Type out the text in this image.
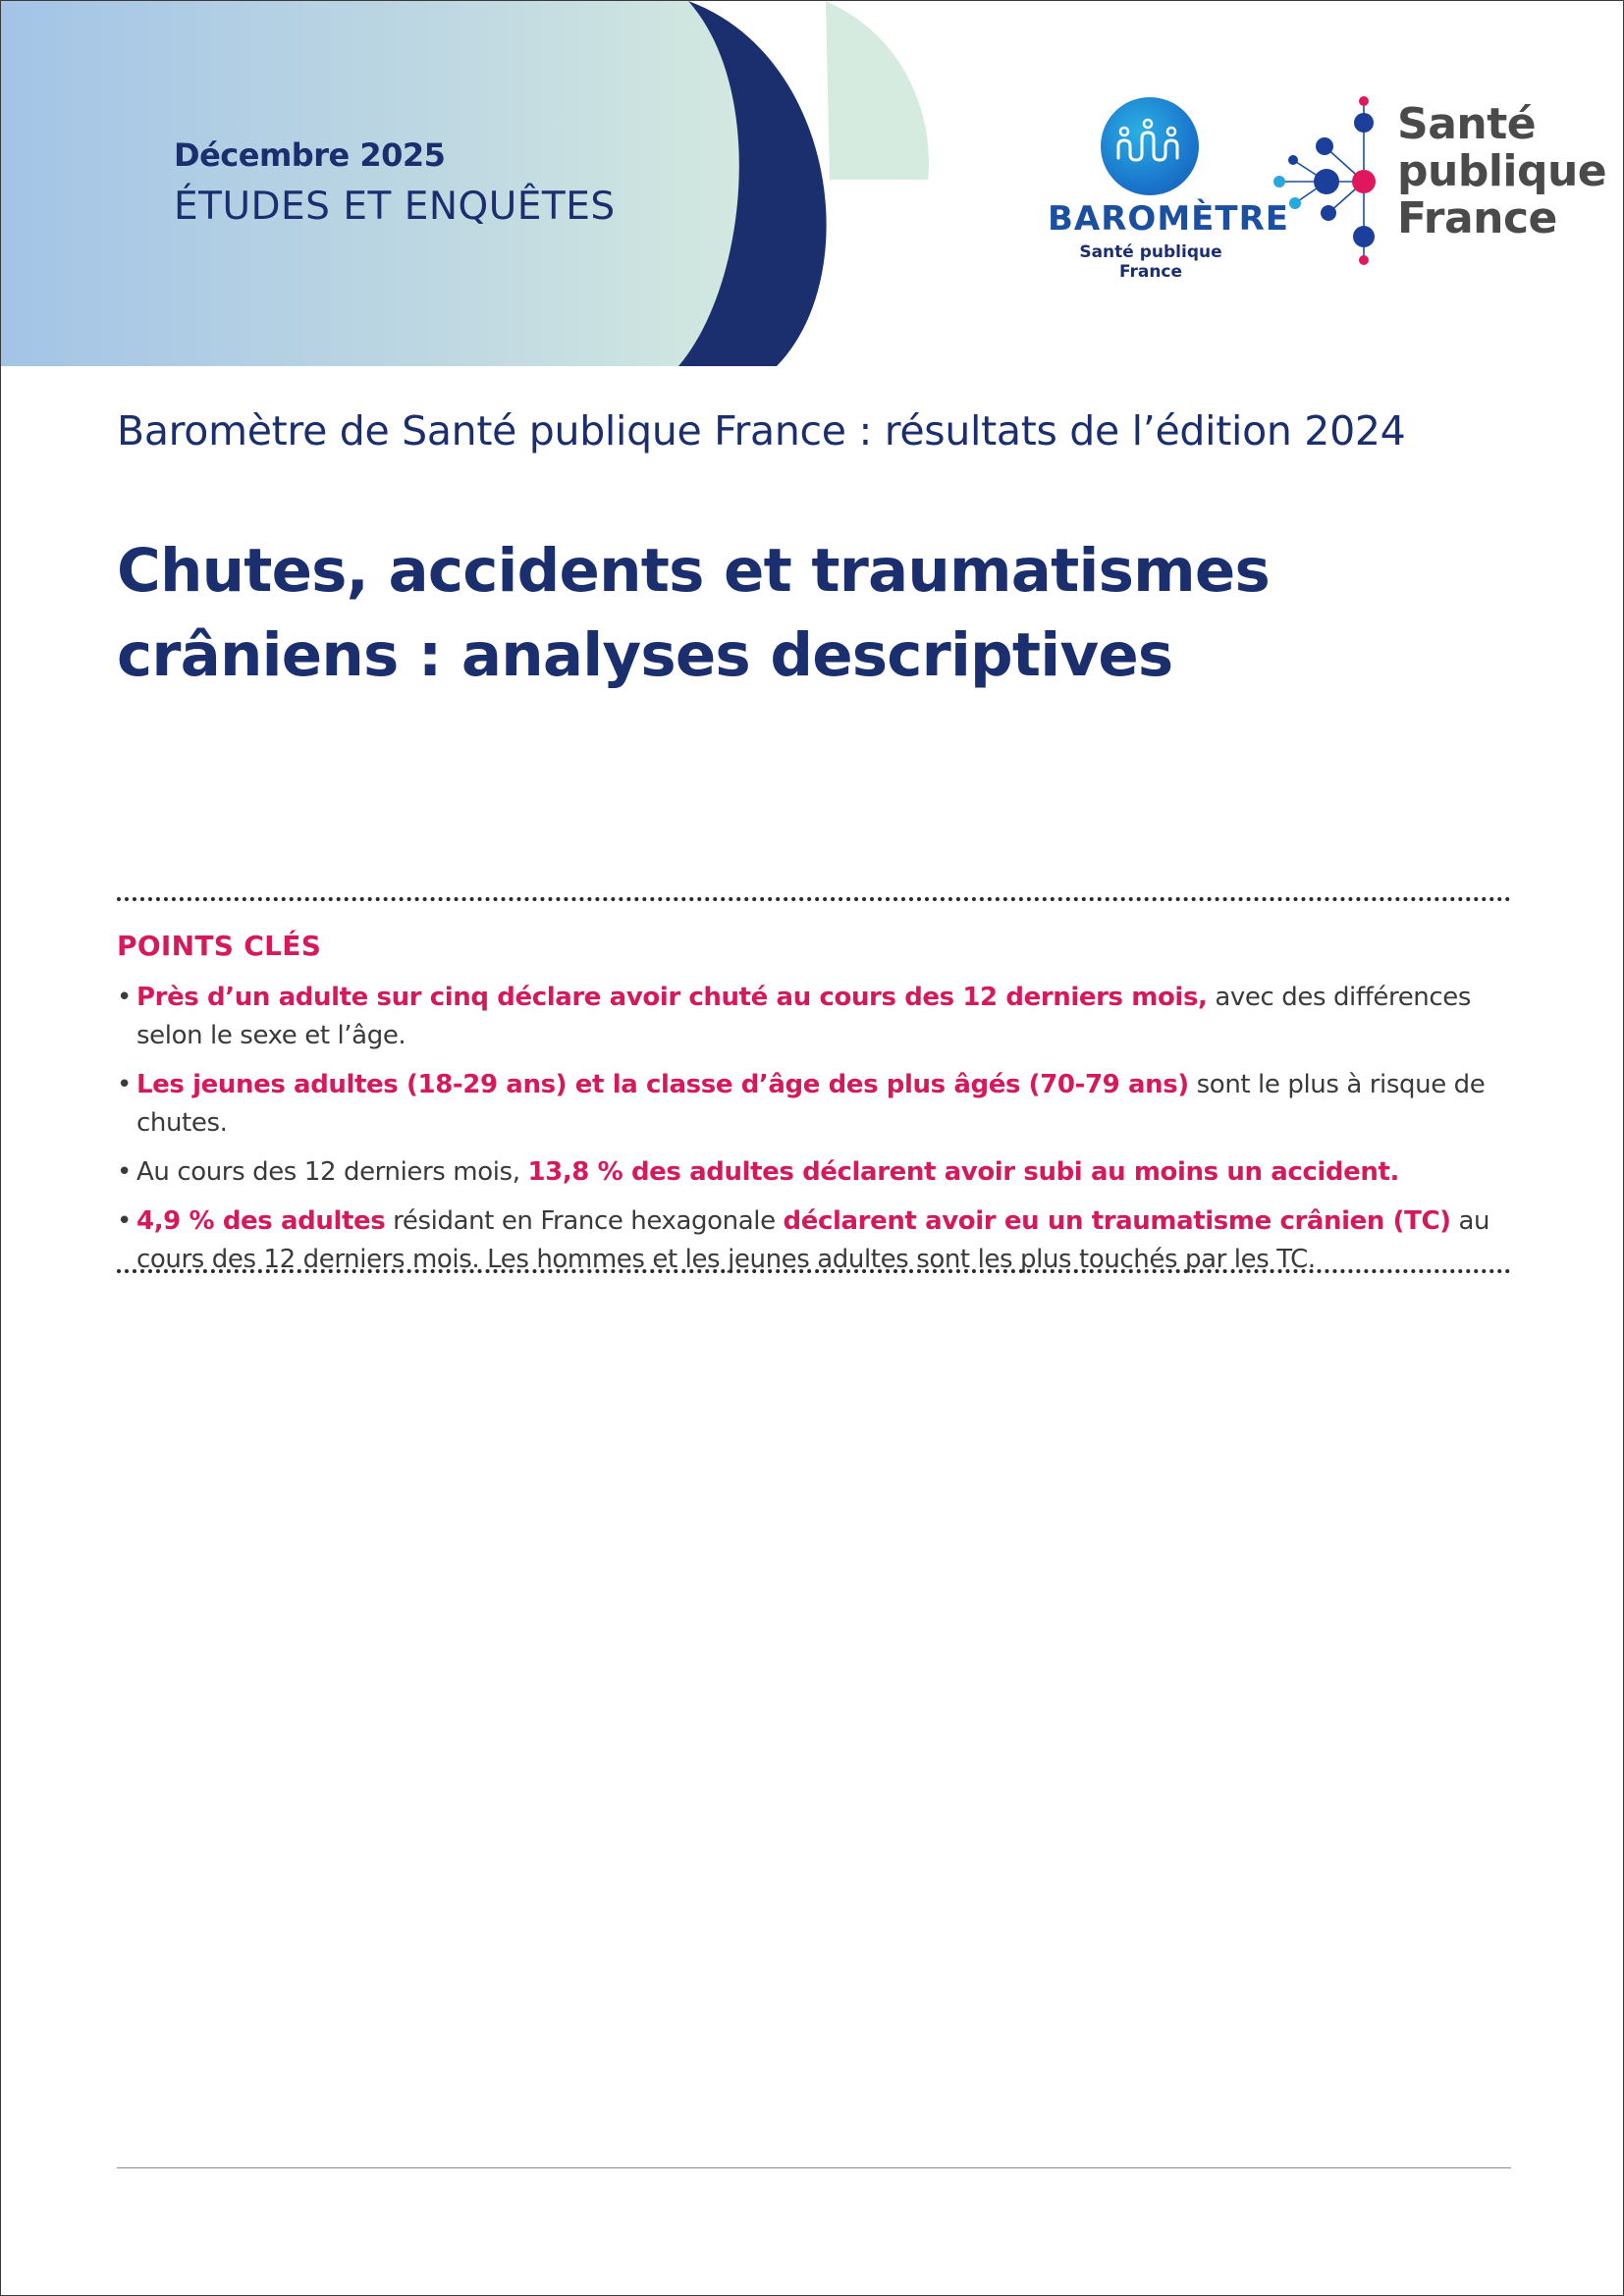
Décembre 2025
ÉTUDES ET ENQUÊTES	BAROMÈTRE
Santé publique France
Santé
publique
France
Baromètre de Santé publique France : résultats de l’édition 2024
Chutes, accidents et traumatismes
crâniens : analyses descriptives
POINTS CLÉS
• Près d’un adulte sur cinq déclare avoir chuté au cours des 12 derniers mois, avec des différences selon le sexe et l’âge.
• Les jeunes adultes (18-29 ans) et la classe d’âge des plus âgés (70-79 ans) sont le plus à risque de chutes.
• Au cours des 12 derniers mois, 13,8 % des adultes déclarent avoir subi au moins un accident.
• 4,9 % des adultes résidant en France hexagonale déclarent avoir eu un traumatisme crânien (TC) au cours des 12 derniers mois. Les hommes et les jeunes adultes sont les plus touchés par les TC.
